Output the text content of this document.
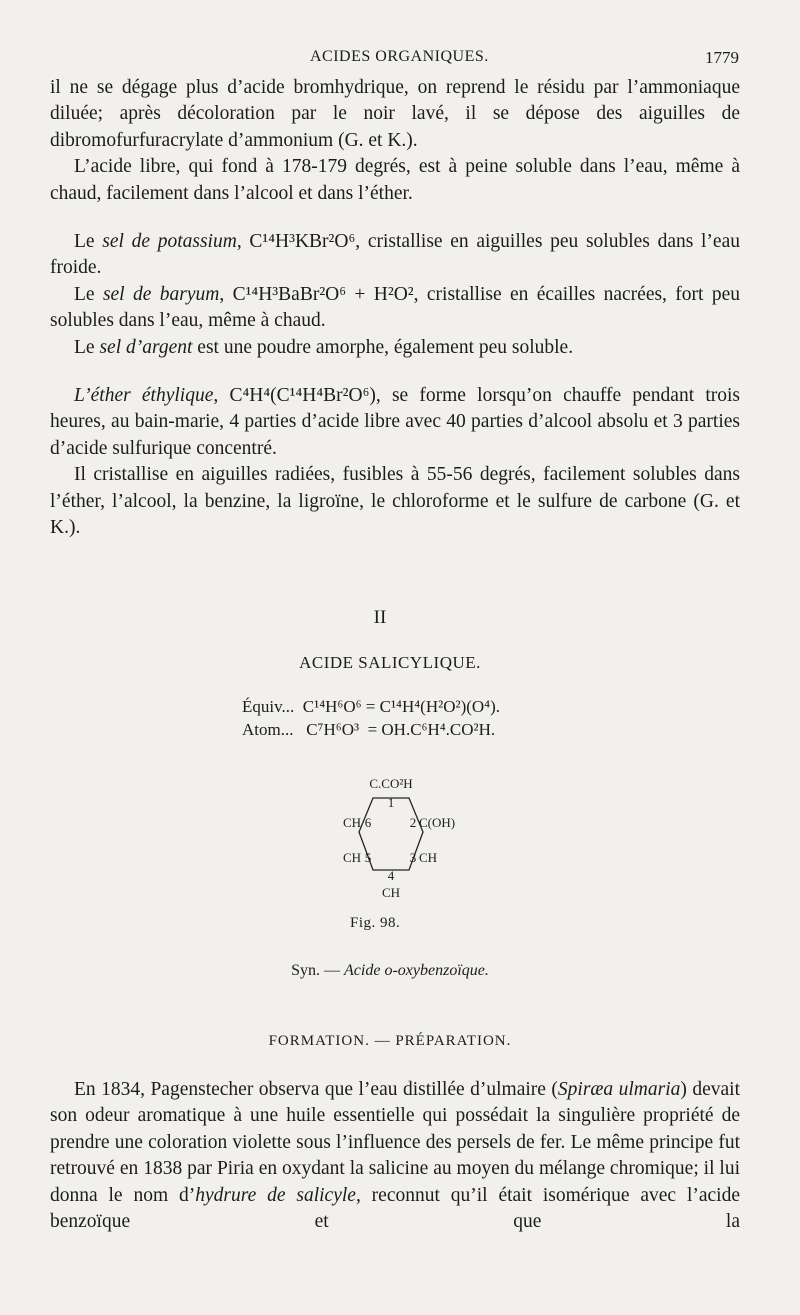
ACIDES ORGANIQUES.	1779

il ne se dégage plus d’acide bromhydrique, on reprend le résidu par l’ammoniaque diluée; après décoloration par le noir lavé, il se dépose des aiguilles de dibromofurfuracrylate d’ammonium (G. et K.).

L’acide libre, qui fond à 178-179 degrés, est à peine soluble dans l’eau, même à chaud, facilement dans l’alcool et dans l’éther.

Le sel de potassium, C¹⁴H³KBr²O⁶, cristallise en aiguilles peu solubles dans l’eau froide.

Le sel de baryum, C¹⁴H³BaBr²O⁶ + H²O², cristallise en écailles nacrées, fort peu solubles dans l’eau, même à chaud.

Le sel d’argent est une poudre amorphe, également peu soluble.

L’éther éthylique, C⁴H⁴(C¹⁴H⁴Br²O⁶), se forme lorsqu’on chauffe pendant trois heures, au bain-marie, 4 parties d’acide libre avec 40 parties d’alcool absolu et 3 parties d’acide sulfurique concentré.

Il cristallise en aiguilles radiées, fusibles à 55-56 degrés, facilement solubles dans l’éther, l’alcool, la benzine, la ligroïne, le chloroforme et le sulfure de carbone (G. et K.).

II
ACIDE SALICYLIQUE.
Équiv...  C¹⁴H⁶O⁶ = C¹⁴H⁴(H²O²)(O⁴).
Atom...   C⁷H⁶O³  = OH.C⁶H⁴.CO²H.
C.CO²H
1
2
3
4
5
6	C(OH)
CH
CH
CH
CH
Fig. 98.
Syn. — Acide o-oxybenzoïque.
FORMATION. — PRÉPARATION.

En 1834, Pagenstecher observa que l’eau distillée d’ulmaire (Spiræa ulmaria) devait son odeur aromatique à une huile essentielle qui possédait la singulière propriété de prendre une coloration violette sous l’influence des persels de fer. Le même principe fut retrouvé en 1838 par Piria en oxydant la salicine au moyen du mélange chromique; il lui donna le nom d’hydrure de salicyle, reconnut qu’il était isomérique avec l’acide benzoïque et que la
